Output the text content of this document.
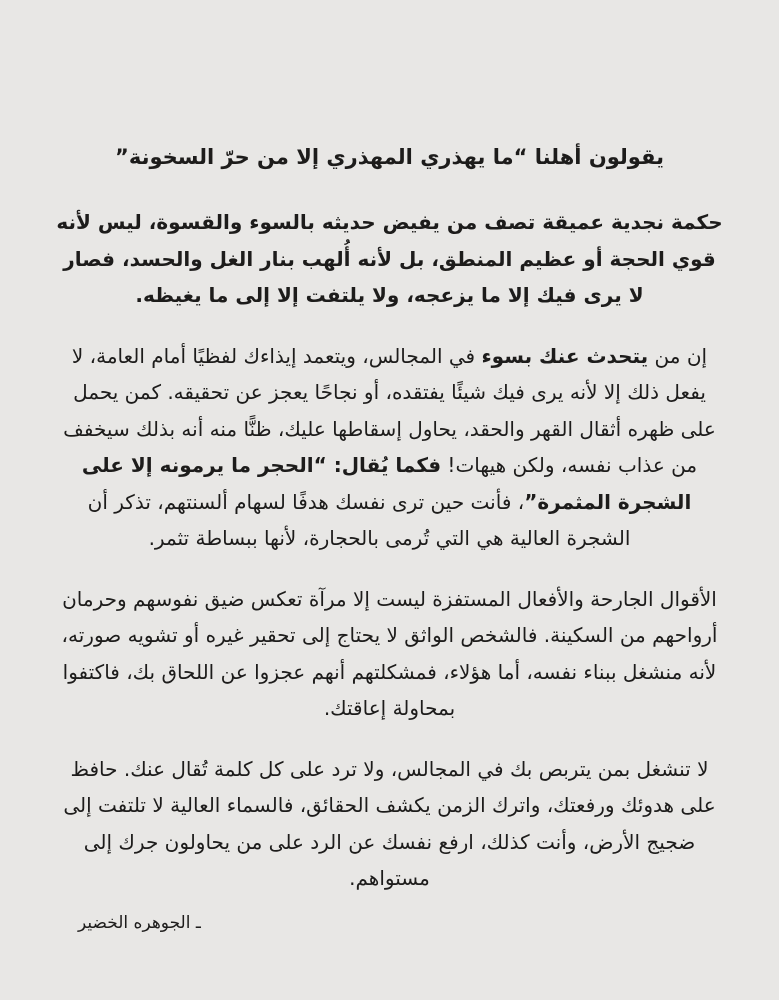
يقولون أهلنا “ما يهذري المهذري إلا من حرّ السخونة”

حكمة نجدية عميقة تصف من يفيض حديثه بالسوء والقسوة، ليس لأنه قوي الحجة أو عظيم المنطق، بل لأنه أُلهب بنار الغل والحسد، فصار لا يرى فيك إلا ما يزعجه، ولا يلتفت إلا إلى ما يغيظه.

إن من يتحدث عنك بسوء في المجالس، ويتعمد إيذاءك لفظيًا أمام العامة، لا يفعل ذلك إلا لأنه يرى فيك شيئًا يفتقده، أو نجاحًا يعجز عن تحقيقه. كمن يحمل على ظهره أثقال القهر والحقد، يحاول إسقاطها عليك، ظنًّا منه أنه بذلك سيخفف من عذاب نفسه، ولكن هيهات! فكما يُقال: “الحجر ما يرمونه إلا على الشجرة المثمرة”، فأنت حين ترى نفسك هدفًا لسهام ألسنتهم، تذكر أن الشجرة العالية هي التي تُرمى بالحجارة، لأنها ببساطة تثمر.

الأقوال الجارحة والأفعال المستفزة ليست إلا مرآة تعكس ضيق نفوسهم وحرمان أرواحهم من السكينة. فالشخص الواثق لا يحتاج إلى تحقير غيره أو تشويه صورته، لأنه منشغل ببناء نفسه، أما هؤلاء، فمشكلتهم أنهم عجزوا عن اللحاق بك، فاكتفوا بمحاولة إعاقتك.

لا تنشغل بمن يتربص بك في المجالس، ولا ترد على كل كلمة تُقال عنك. حافظ على هدوئك ورفعتك، واترك الزمن يكشف الحقائق، فالسماء العالية لا تلتفت إلى ضجيج الأرض، وأنت كذلك، ارفع نفسك عن الرد على من يحاولون جرك إلى مستواهم.

ـ الجوهره الخضير
